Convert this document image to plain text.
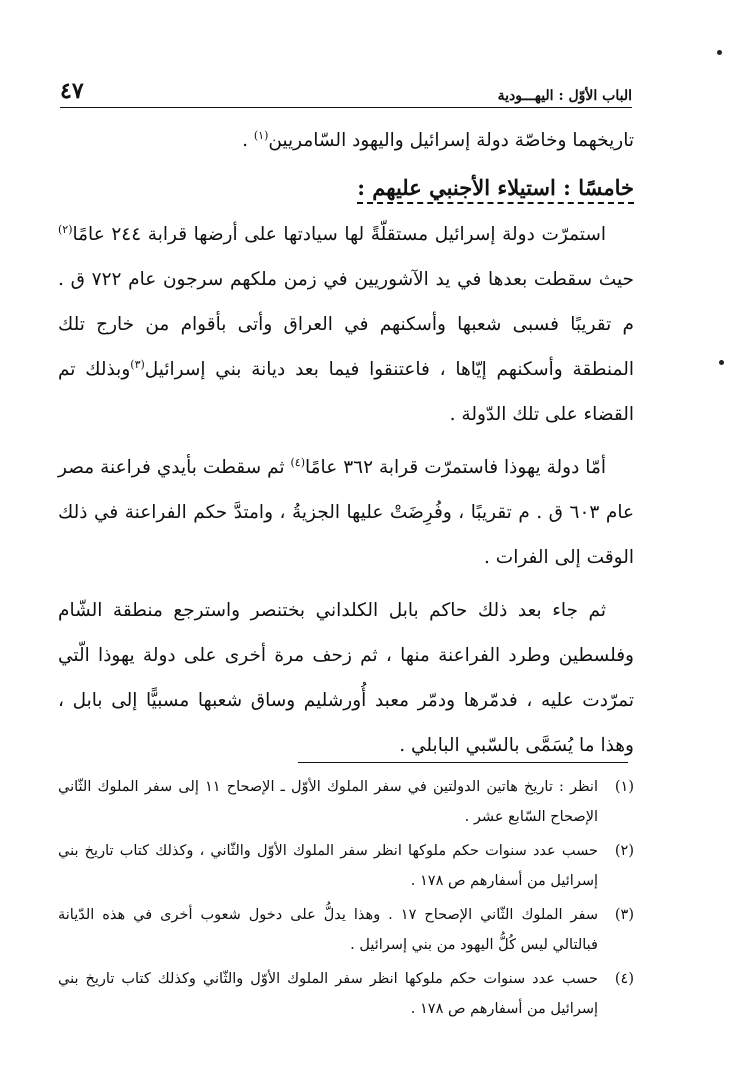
الباب الأوّل : اليهـــودية
٤٧

تاريخهما وخاصّة دولة إسرائيل واليهود السّامريين$^{(١)}$ .

خامسًا : استيلاء الأجنبي عليهم :

استمرّت دولة إسرائيل مستقلّةً لها سيادتها على أرضها قرابة ٢٤٤ عامًا$^{(٢)}$ حيث سقطت بعدها في يد الآشوريين في زمن ملكهم سرجون عام ٧٢٢ ق . م تقريبًا فسبى شعبها وأسكنهم في العراق وأتى بأقوام من خارج تلك المنطقة وأسكنهم إيّاها ، فاعتنقوا فيما بعد ديانة بني إسرائيل$^{(٣)}$وبذلك تم القضاء على تلك الدّولة .

أمّا دولة يهوذا فاستمرّت قرابة ٣٦٢ عامًا$^{(٤)}$ ثم سقطت بأيدي فراعنة مصر عام ٦٠٣ ق . م تقريبًا ، وفُرِضَتْ عليها الجزيةُ ، وامتدَّ حكم الفراعنة في ذلك الوقت إلى الفرات .

ثم جاء بعد ذلك حاكم بابل الكلداني بختنصر واسترجع منطقة الشّام وفلسطين وطرد الفراعنة منها ، ثم زحف مرة أخرى على دولة يهوذا الّتي تمرّدت عليه ، فدمّرها ودمّر معبد أُورشليم وساق شعبها مسبيًّا إلى بابل ، وهذا ما يُسَمَّى بالسّبي البابلي .

(١)
انظر : تاريخ هاتين الدولتين في سفر الملوك الأوّل ـ الإصحاح ١١ إلى سفر الملوك الثّاني الإصحاح السّابع عشر .
(٢)
حسب عدد سنوات حكم ملوكها انظر سفر الملوك الأوّل والثّاني ، وكذلك كتاب تاريخ بني إسرائيل من أسفارهم ص ١٧٨ .
(٣)
سفر الملوك الثّاني الإصحاح ١٧ . وهذا يدلُّ على دخول شعوب أخرى في هذه الدّيانة فبالتالي ليس كُلُّ اليهود من بني إسرائيل .
(٤)
حسب عدد سنوات حكم ملوكها انظر سفر الملوك الأوّل والثّاني وكذلك كتاب تاريخ بني إسرائيل من أسفارهم ص ١٧٨ .
